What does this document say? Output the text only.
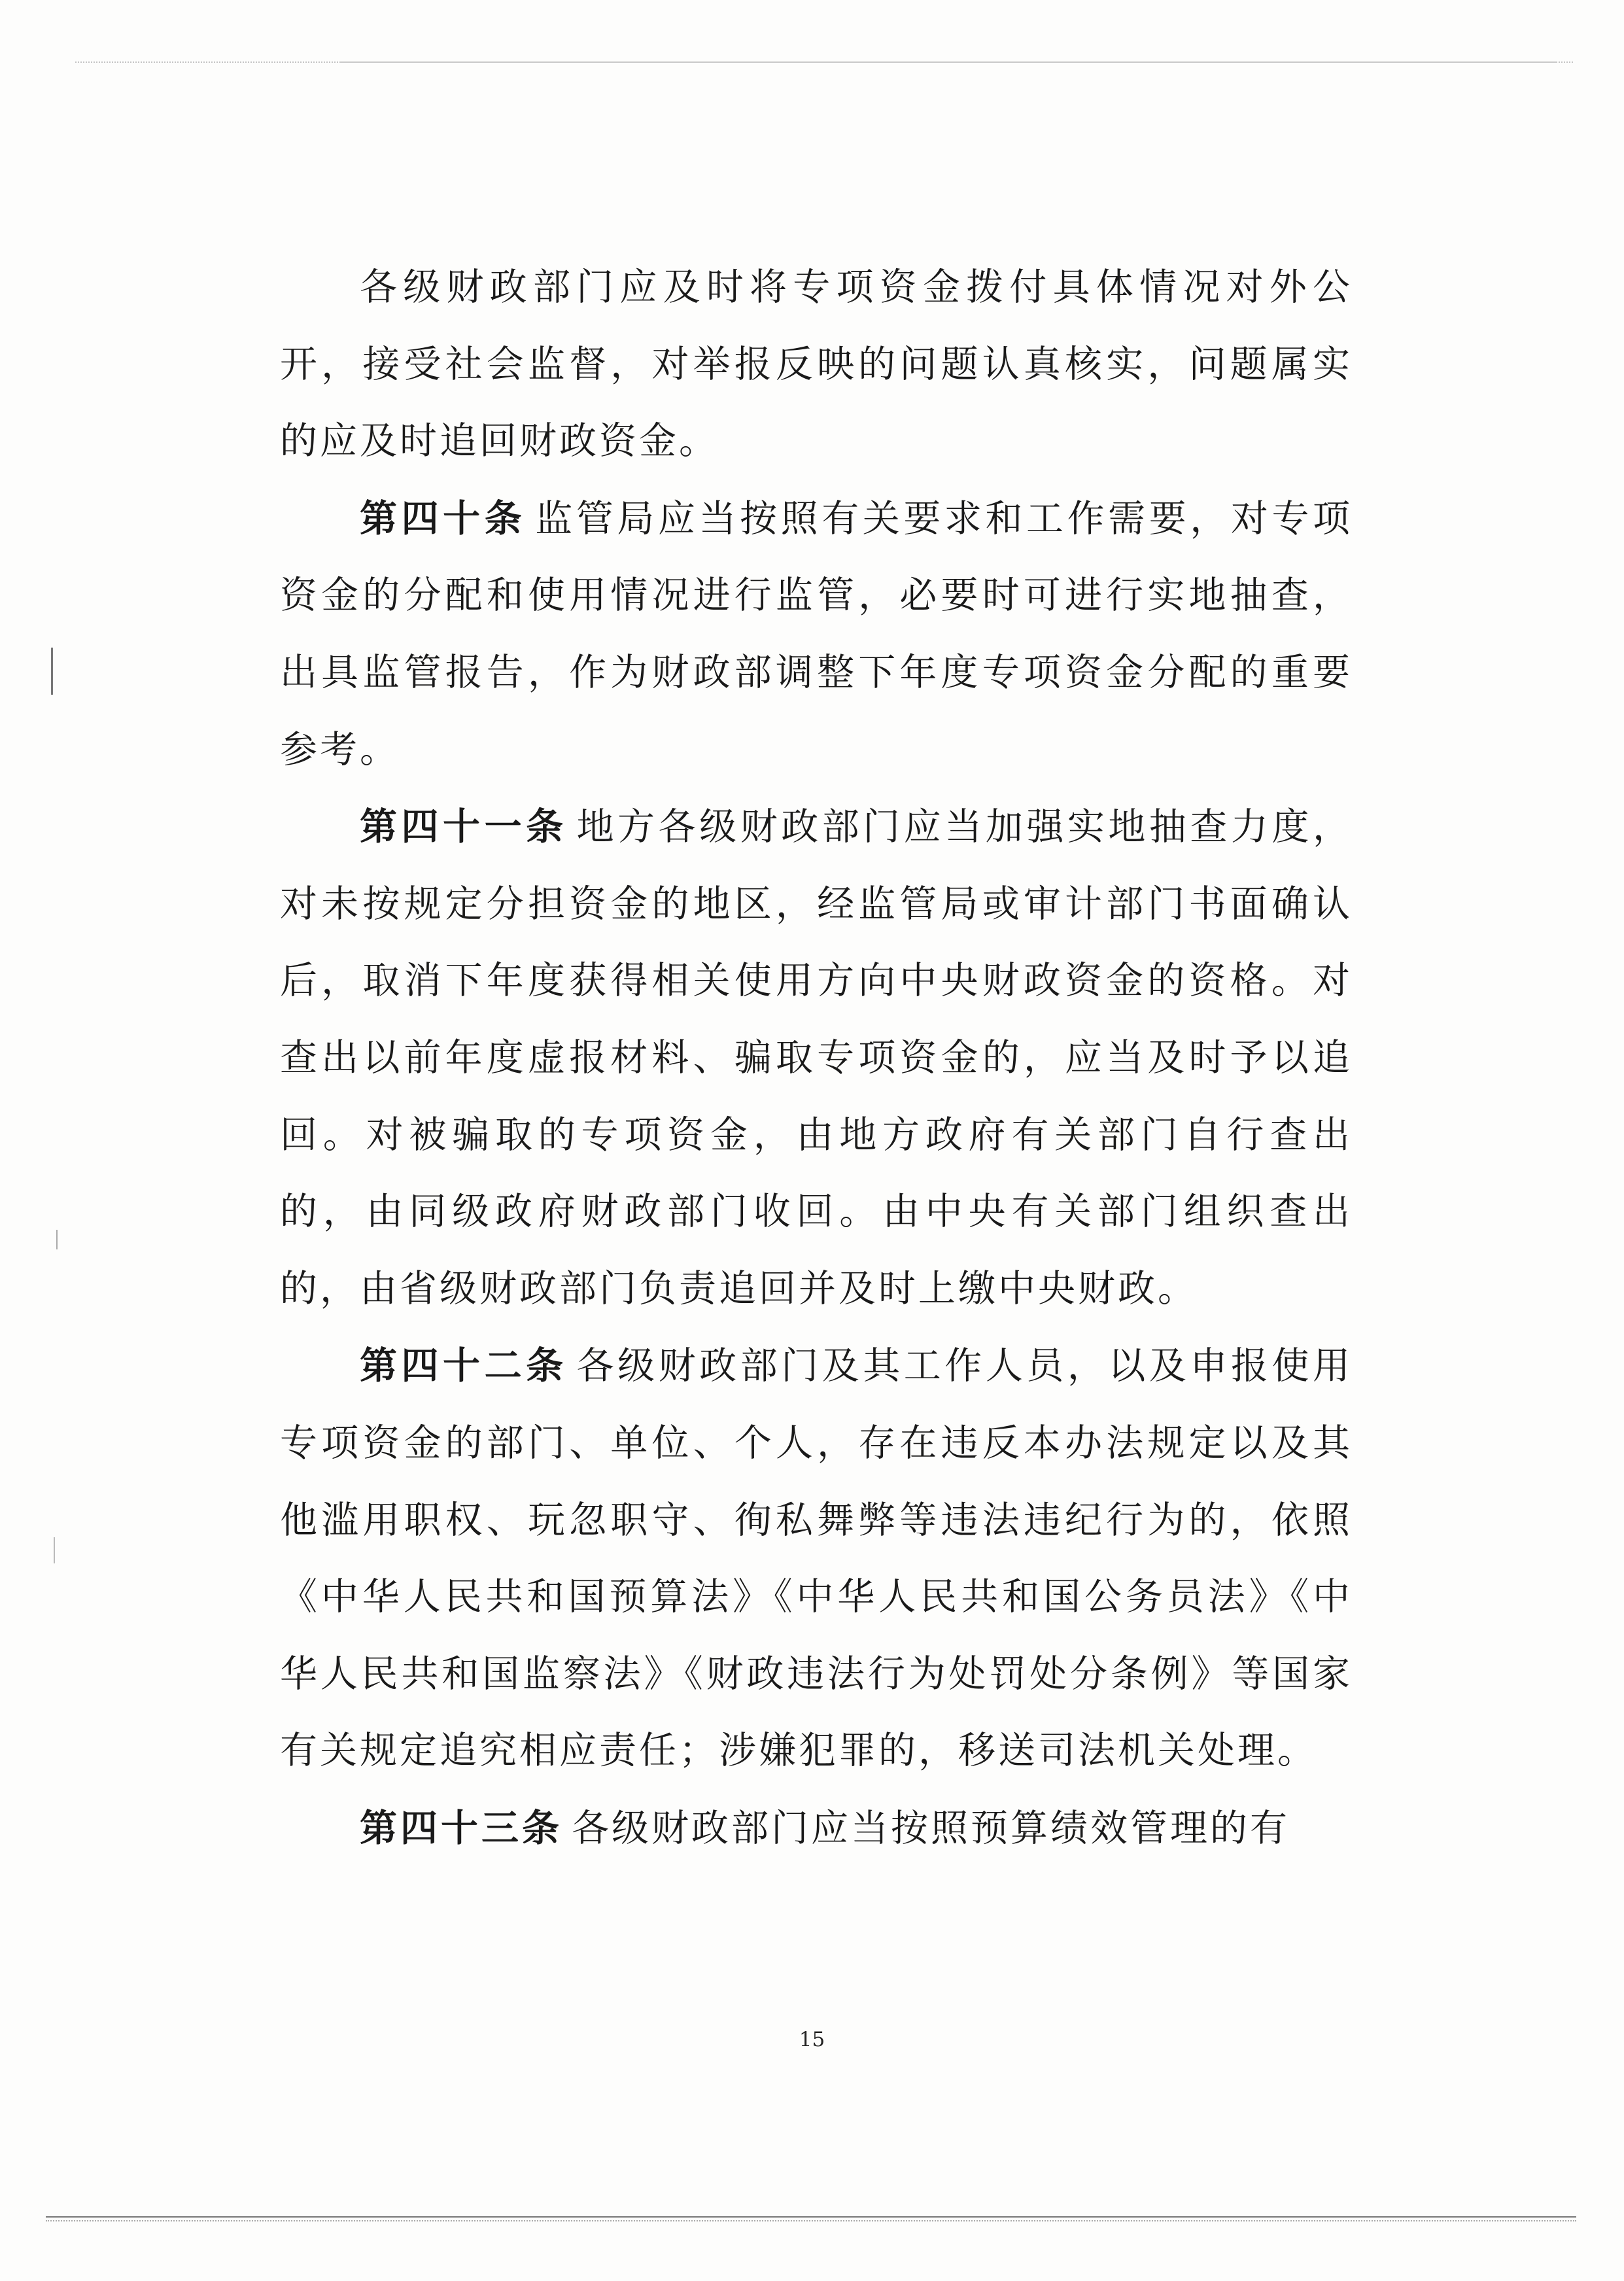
各级财政部门应及时将专项资金拨付具体情况对外公开，接受社会监督，对举报反映的问题认真核实，问题属实的应及时追回财政资金。

第四十条 监管局应当按照有关要求和工作需要，对专项资金的分配和使用情况进行监管，必要时可进行实地抽查，出具监管报告，作为财政部调整下年度专项资金分配的重要参考。

第四十一条 地方各级财政部门应当加强实地抽查力度，对未按规定分担资金的地区，经监管局或审计部门书面确认后，取消下年度获得相关使用方向中央财政资金的资格。对查出以前年度虚报材料、骗取专项资金的，应当及时予以追回。对被骗取的专项资金，由地方政府有关部门自行查出的，由同级政府财政部门收回。由中央有关部门组织查出的，由省级财政部门负责追回并及时上缴中央财政。

第四十二条 各级财政部门及其工作人员，以及申报使用专项资金的部门、单位、个人，存在违反本办法规定以及其他滥用职权、玩忽职守、徇私舞弊等违法违纪行为的，依照《中华人民共和国预算法》《中华人民共和国公务员法》《中华人民共和国监察法》《财政违法行为处罚处分条例》等国家有关规定追究相应责任；涉嫌犯罪的，移送司法机关处理。

第四十三条 各级财政部门应当按照预算绩效管理的有

15
